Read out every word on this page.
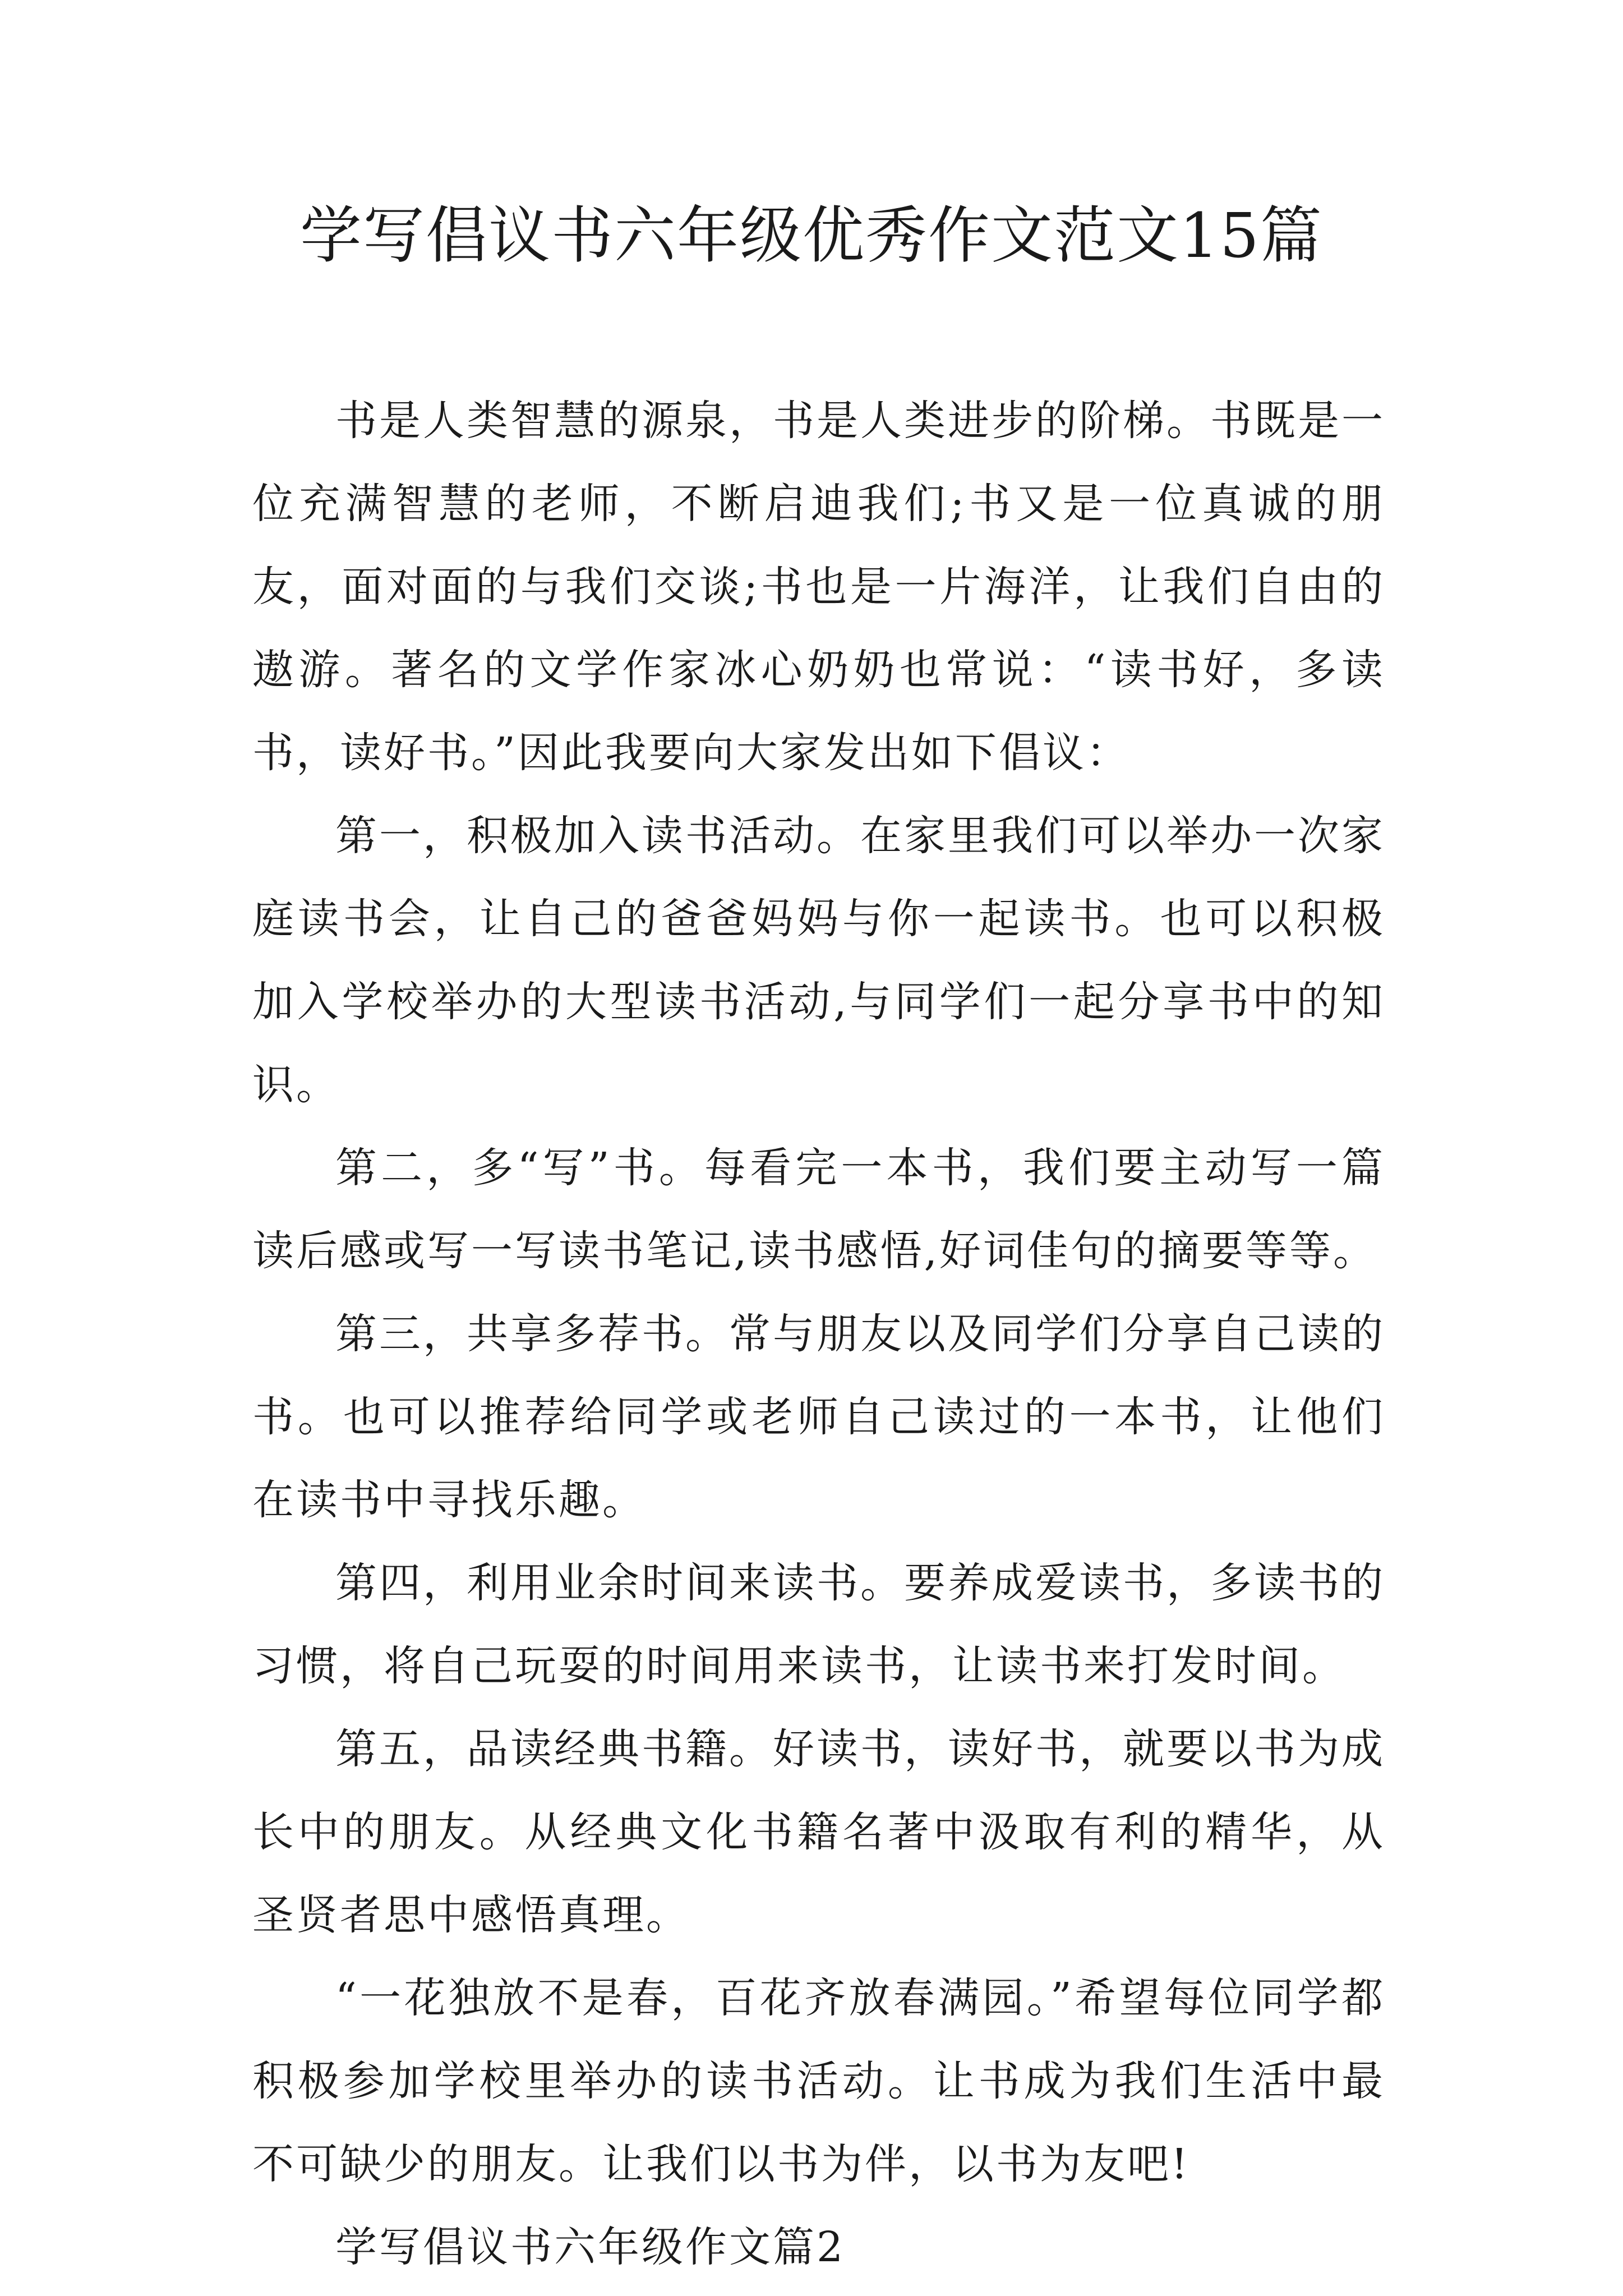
学写倡议书六年级优秀作文范文15篇

书是人类智慧的源泉，书是人类进步的阶梯。书既是一位充满智慧的老师，不断启迪我们;书又是一位真诚的朋友，面对面的与我们交谈;书也是一片海洋，让我们自由的遨游。著名的文学作家冰心奶奶也常说：“读书好，多读书，读好书。”因此我要向大家发出如下倡议：

第一，积极加入读书活动。在家里我们可以举办一次家庭读书会，让自己的爸爸妈妈与你一起读书。也可以积极加入学校举办的大型读书活动,与同学们一起分享书中的知识。

第二，多“写”书。每看完一本书，我们要主动写一篇读后感或写一写读书笔记,读书感悟,好词佳句的摘要等等。

第三，共享多荐书。常与朋友以及同学们分享自己读的书。也可以推荐给同学或老师自己读过的一本书，让他们在读书中寻找乐趣。

第四，利用业余时间来读书。要养成爱读书，多读书的习惯，将自己玩耍的时间用来读书，让读书来打发时间。

第五，品读经典书籍。好读书，读好书，就要以书为成长中的朋友。从经典文化书籍名著中汲取有利的精华，从圣贤者思中感悟真理。

“一花独放不是春，百花齐放春满园。”希望每位同学都积极参加学校里举办的读书活动。让书成为我们生活中最不可缺少的朋友。让我们以书为伴，以书为友吧!

学写倡议书六年级作文篇2
